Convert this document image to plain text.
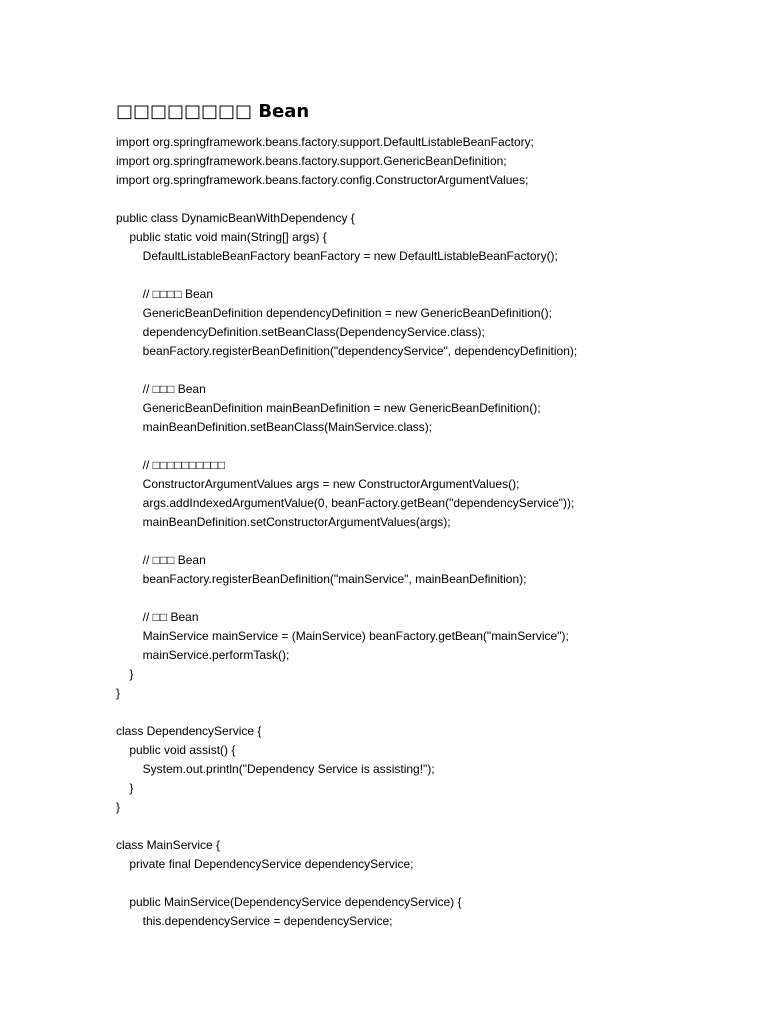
□□□□□□□□ Bean
import org.springframework.beans.factory.support.DefaultListableBeanFactory;
import org.springframework.beans.factory.support.GenericBeanDefinition;
import org.springframework.beans.factory.config.ConstructorArgumentValues;

public class DynamicBeanWithDependency {
public static void main(String[] args) {
DefaultListableBeanFactory beanFactory = new DefaultListableBeanFactory();

// □□□□ Bean
GenericBeanDefinition dependencyDefinition = new GenericBeanDefinition();
dependencyDefinition.setBeanClass(DependencyService.class);
beanFactory.registerBeanDefinition("dependencyService", dependencyDefinition);

// □□□ Bean
GenericBeanDefinition mainBeanDefinition = new GenericBeanDefinition();
mainBeanDefinition.setBeanClass(MainService.class);

// □□□□□□□□□□
ConstructorArgumentValues args = new ConstructorArgumentValues();
args.addIndexedArgumentValue(0, beanFactory.getBean("dependencyService"));
mainBeanDefinition.setConstructorArgumentValues(args);

// □□□ Bean
beanFactory.registerBeanDefinition("mainService", mainBeanDefinition);

// □□ Bean
MainService mainService = (MainService) beanFactory.getBean("mainService");
mainService.performTask();
}
}

class DependencyService {
public void assist() {
System.out.println("Dependency Service is assisting!");
}
}

class MainService {
private final DependencyService dependencyService;

public MainService(DependencyService dependencyService) {
this.dependencyService = dependencyService;
